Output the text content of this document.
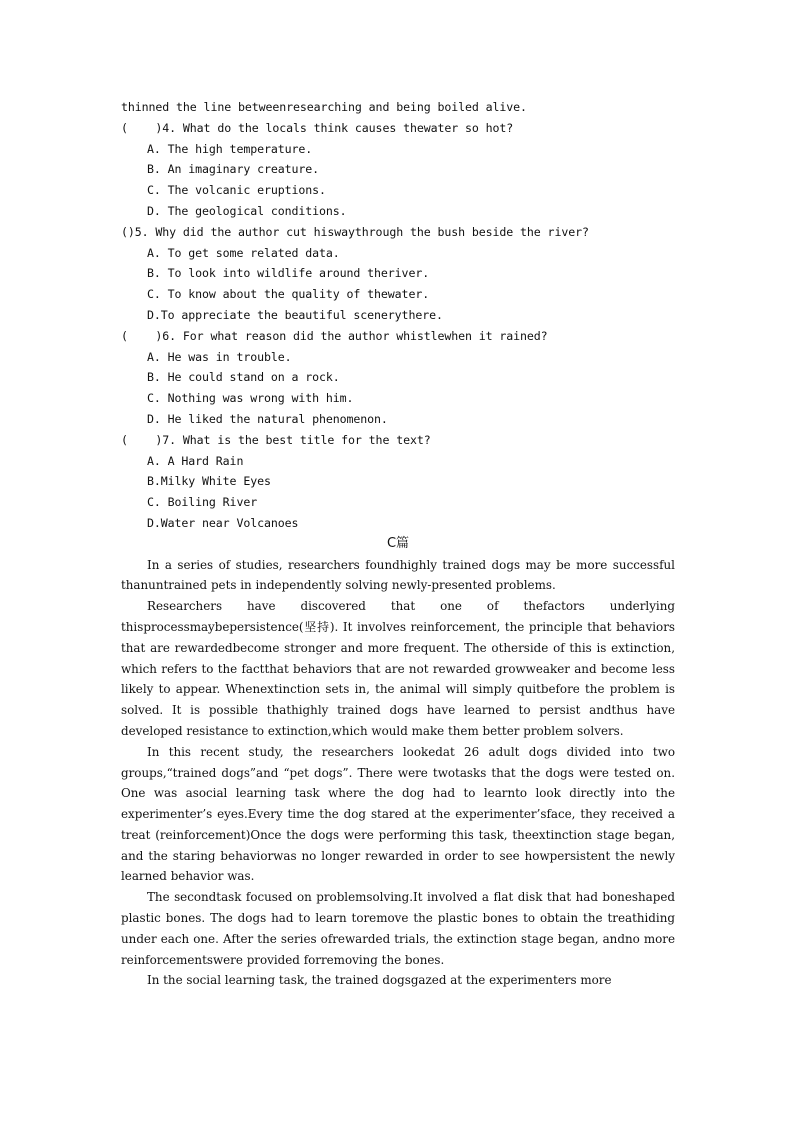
thinned the line betweenresearching and being boiled alive.
(    )4. What do the locals think causes thewater so hot?
A. The high temperature.
B. An imaginary creature.
C. The volcanic eruptions.
D. The geological conditions.
()5. Why did the author cut hiswaythrough the bush beside the river?
A. To get some related data.
B. To look into wildlife around theriver.
C. To know about the quality of thewater.
D.To appreciate the beautiful scenerythere.
(    )6. For what reason did the author whistlewhen it rained?
A. He was in trouble.
B. He could stand on a rock.
C. Nothing was wrong with him.
D. He liked the natural phenomenon.
(    )7. What is the best title for the text?
A. A Hard Rain
B.Milky White Eyes
C. Boiling River
D.Water near Volcanoes
C篇

In a series of studies, researchers foundhighly trained dogs may be more successful thanuntrained pets in independently solving newly-presented problems.

Researchers have discovered that one of thefactors underlying thisprocessmaybepersistence(坚持). It involves reinforcement, the principle that behaviors that are rewardedbecome stronger and more frequent. The otherside of this is extinction, which refers to the factthat behaviors that are not rewarded growweaker and become less likely to appear. Whenextinction sets in, the animal will simply quitbefore the problem is solved. It is possible thathighly trained dogs have learned to persist andthus have developed resistance to extinction,which would make them better problem solvers.

In this recent study, the researchers lookedat 26 adult dogs divided into two groups,“trained dogs”and “pet dogs”. There were twotasks that the dogs were tested on. One was asocial learning task where the dog had to learnto look directly into the experimenter’s eyes.Every time the dog stared at the experimenter’sface, they received a treat (reinforcement)Once the dogs were performing this task, theextinction stage began, and the staring behaviorwas no longer rewarded in order to see howpersistent the newly learned behavior was.

The secondtask focused on problemsolving.It involved a flat disk that had boneshaped plastic bones. The dogs had to learn toremove the plastic bones to obtain the treathiding under each one. After the series ofrewarded trials, the extinction stage began, andno more reinforcementswere provided forremoving the bones.

In the social learning task, the trained dogsgazed at the experimenters more
